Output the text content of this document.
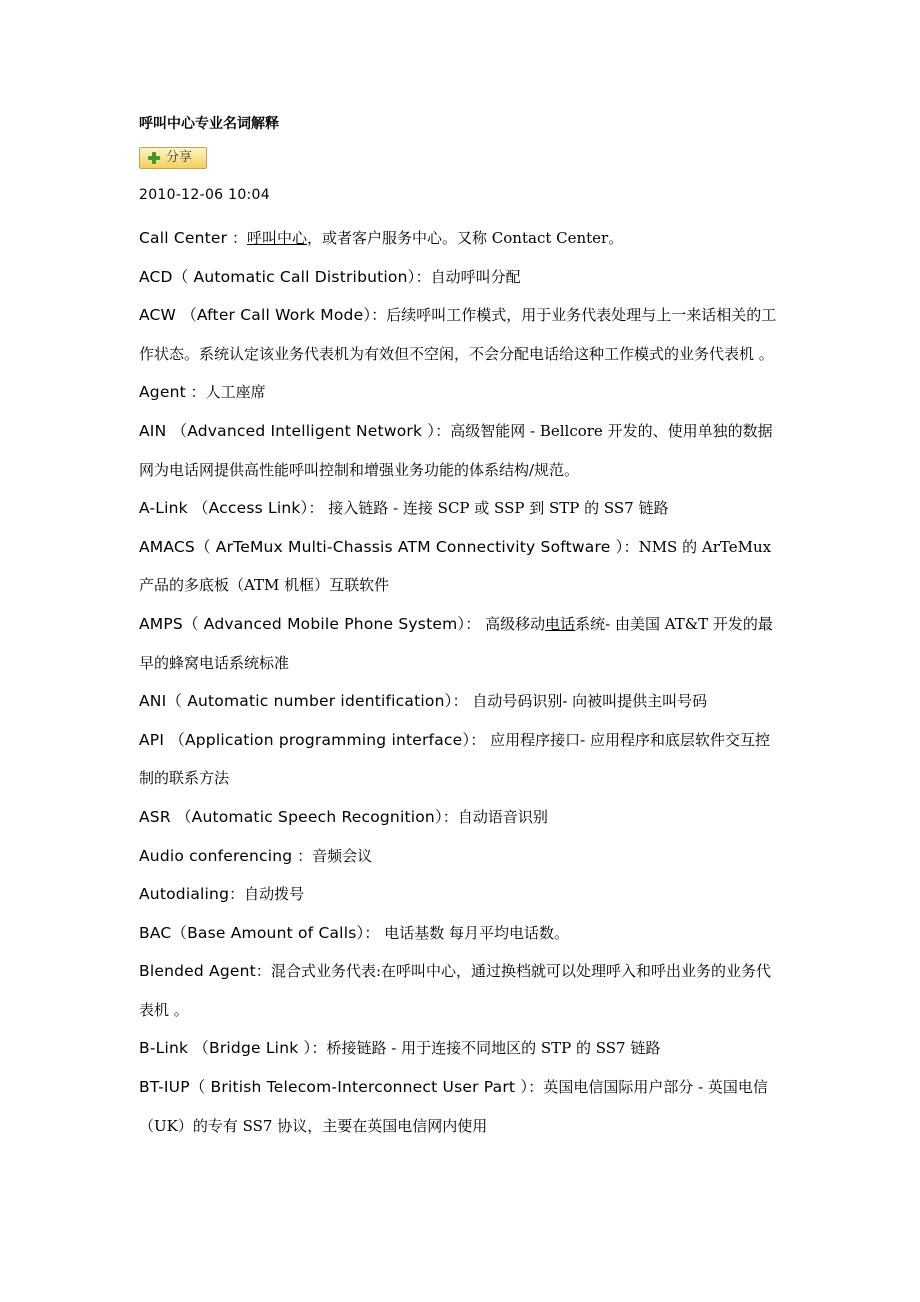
呼叫中心专业名词解释
分享
2010-12-06 10:04

Call Center ：呼叫中心，或者客户服务中心。又称 Contact Center。

ACD（ Automatic Call Distribution）：自动呼叫分配

ACW （After Call Work Mode）：后续呼叫工作模式，用于业务代表处理与上一来话相关的工作状态。系统认定该业务代表机为有效但不空闲，不会分配电话给这种工作模式的业务代表机 。

Agent ：人工座席

AIN （Advanced Intelligent Network ）：高级智能网 - Bellcore 开发的、使用单独的数据网为电话网提供高性能呼叫控制和增强业务功能的体系结构/规范。

A-Link （Access Link）： 接入链路 - 连接 SCP 或 SSP 到 STP 的 SS7 链路

AMACS（ ArTeMux Multi-Chassis ATM Connectivity Software ）：NMS 的 ArTeMux 产品的多底板（ATM 机框）互联软件

AMPS（ Advanced Mobile Phone System）： 高级移动电话系统- 由美国 AT&T 开发的最早的蜂窝电话系统标准

ANI（ Automatic number identification）： 自动号码识别- 向被叫提供主叫号码

API （Application programming interface）： 应用程序接口- 应用程序和底层软件交互控制的联系方法

ASR （Automatic Speech Recognition）：自动语音识别

Audio conferencing ：音频会议

Autodialing：自动拨号

BAC（Base Amount of Calls）： 电话基数 每月平均电话数。

Blended Agent：混合式业务代表:在呼叫中心，通过换档就可以处理呼入和呼出业务的业务代表机 。

B-Link （Bridge Link ）：桥接链路 - 用于连接不同地区的 STP 的 SS7 链路

BT-IUP（ British Telecom-Interconnect User Part ）：英国电信国际用户部分 - 英国电信（UK）的专有 SS7 协议，主要在英国电信网内使用
